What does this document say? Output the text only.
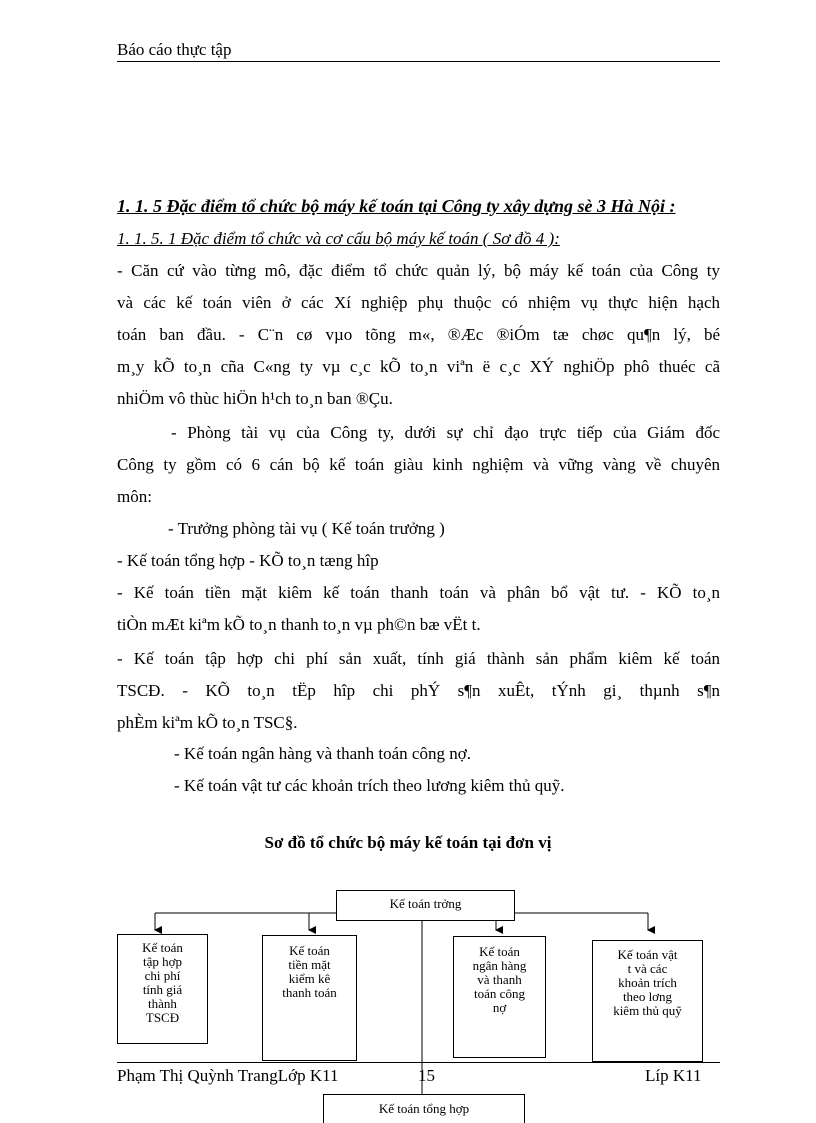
Báo cáo thực tập
1. 1. 5 Đặc điểm tổ chức bộ máy kế toán tại Công ty xây dựng sè 3 Hà Nội :
1. 1. 5. 1 Đặc điểm tổ chức và cơ cấu bộ máy kế toán ( Sơ đồ 4 ):
- Căn cứ vào từng mô, đặc điểm tổ chức quản lý, bộ máy kế toán của Công ty
và các kế toán viên ở các Xí nghiệp phụ thuộc có nhiệm vụ thực hiện hạch
toán ban đầu. - C¨n cø vµo tõng m«, ®Æc ®iÓm tæ chøc qu¶n lý, bé
m¸y kÕ to¸n cña C«ng ty vµ c¸c kÕ to¸n viªn ë c¸c XÝ nghiÖp phô thuéc cã
nhiÖm vô thùc hiÖn h¹ch to¸n ban ®Çu.
- Phòng tài vụ của Công ty, dưới sự chỉ đạo trực tiếp của Giám đốc
Công ty gồm có 6 cán bộ kế toán giàu kinh nghiệm và vững vàng về chuyên
môn:
- Trưởng phòng tài vụ ( Kế toán trưởng )
- Kế toán tổng hợp - KÕ to¸n tæng hîp
- Kế toán tiền mặt kiêm kế toán thanh toán và phân bổ vật tư. - KÕ to¸n
tiÒn mÆt kiªm kÕ to¸n thanh to¸n vµ ph©n bæ vËt t.
- Kế toán tập hợp chi phí sản xuất, tính giá thành sản phẩm kiêm kế toán
TSCĐ. - KÕ to¸n tËp hîp chi phÝ s¶n xuÊt, tÝnh gi¸ thµnh s¶n
phÈm kiªm kÕ to¸n TSC§.
- Kế toán ngân hàng và thanh toán công nợ.
- Kế toán vật tư các khoản trích theo lương kiêm thủ quỹ.
Sơ đồ tổ chức bộ máy kế toán tại đơn vị
Kế toán trởng
Kế toán
tập hợp
chi phí
tính giá
thành
TSCĐ
Kế toán
tiền mặt
kiểm kê
thanh toán
Kế toán
ngân hàng
và thanh
toán công
nợ
Kế toán vật
t và các
khoản trích
theo lơng
kiêm thủ quỹ
Phạm Thị Quỳnh TrangLớp K11	15	Líp K11
Kế toán tổng hợp
